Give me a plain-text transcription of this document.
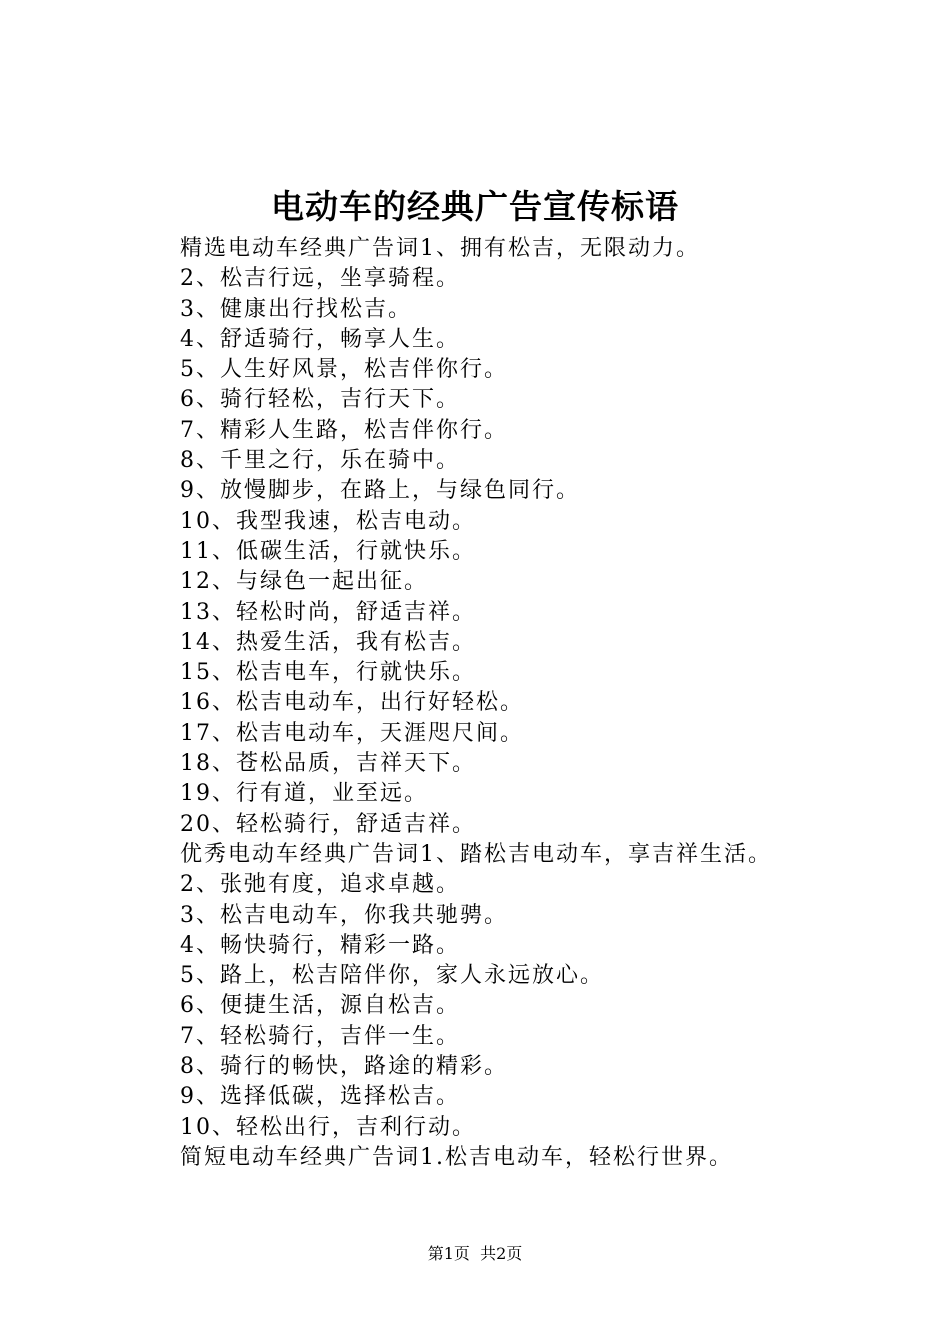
电动车的经典广告宣传标语
精选电动车经典广告词1、拥有松吉，无限动力。
2、松吉行远，坐享骑程。
3、健康出行找松吉。
4、舒适骑行，畅享人生。
5、人生好风景，松吉伴你行。
6、骑行轻松，吉行天下。
7、精彩人生路，松吉伴你行。
8、千里之行，乐在骑中。
9、放慢脚步，在路上，与绿色同行。
10、我型我速，松吉电动。
11、低碳生活，行就快乐。
12、与绿色一起出征。
13、轻松时尚，舒适吉祥。
14、热爱生活，我有松吉。
15、松吉电车，行就快乐。
16、松吉电动车，出行好轻松。
17、松吉电动车，天涯咫尺间。
18、苍松品质，吉祥天下。
19、行有道，业至远。
20、轻松骑行，舒适吉祥。
优秀电动车经典广告词1、踏松吉电动车，享吉祥生活。
2、张弛有度，追求卓越。
3、松吉电动车，你我共驰骋。
4、畅快骑行，精彩一路。
5、路上，松吉陪伴你，家人永远放心。
6、便捷生活，源自松吉。
7、轻松骑行，吉伴一生。
8、骑行的畅快，路途的精彩。
9、选择低碳，选择松吉。
10、轻松出行，吉利行动。
简短电动车经典广告词1.松吉电动车，轻松行世界。
第1页 共2页
